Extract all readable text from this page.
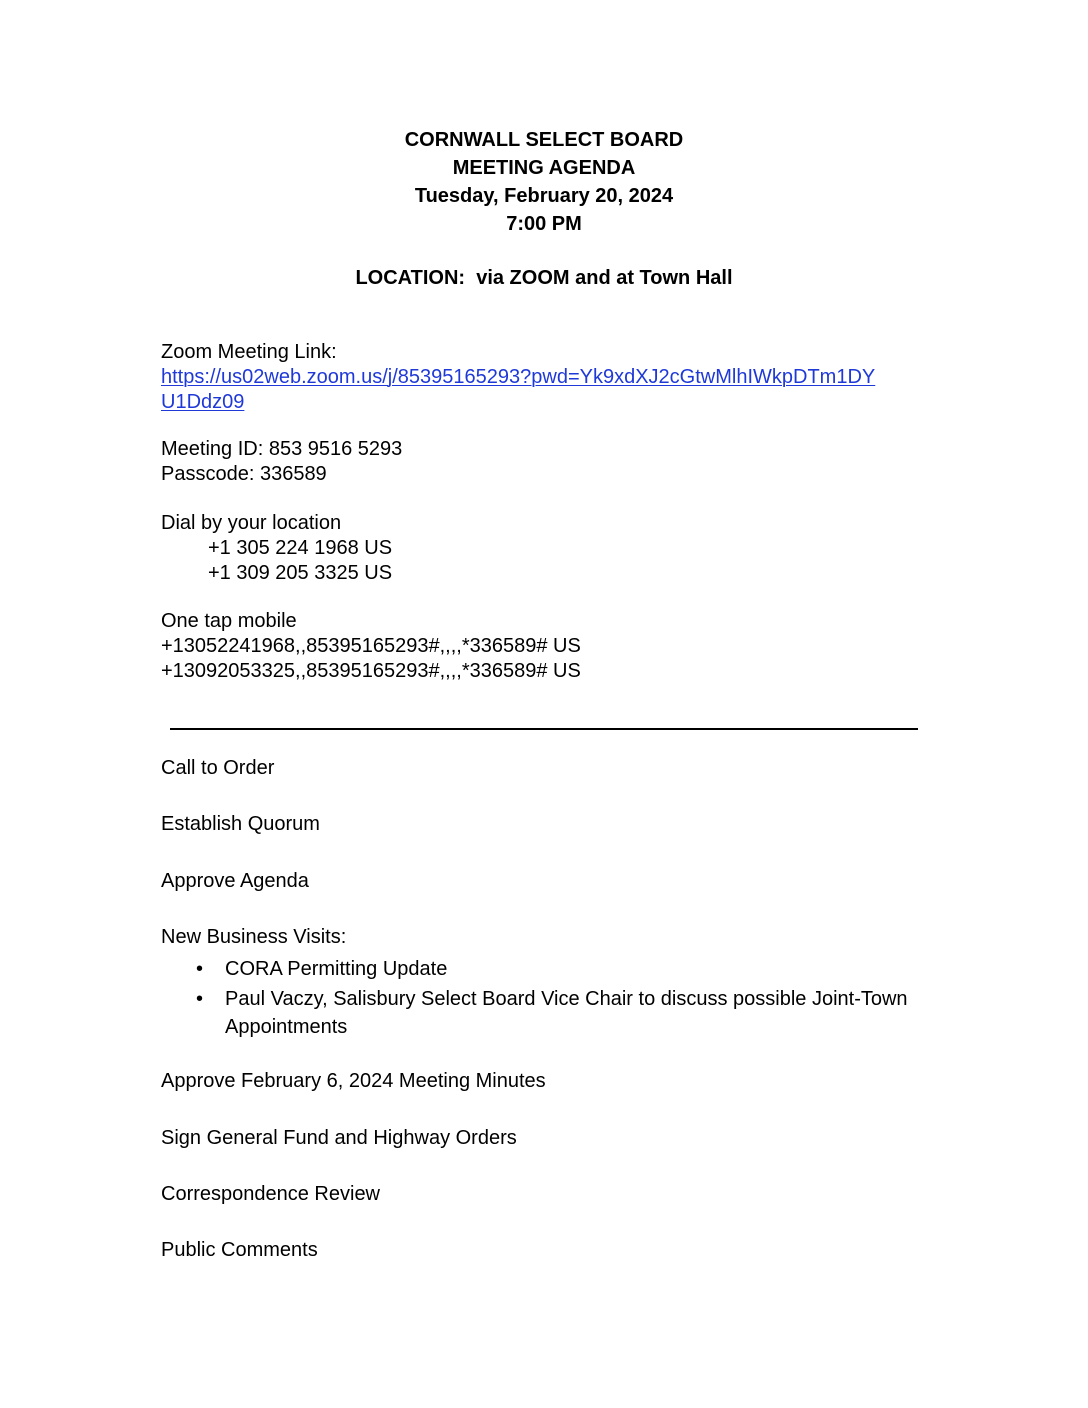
CORNWALL SELECT BOARD
MEETING AGENDA
Tuesday, February 20, 2024
7:00 PM
LOCATION:  via ZOOM and at Town Hall
Zoom Meeting Link:
https://us02web.zoom.us/j/85395165293?pwd=Yk9xdXJ2cGtwMlhIWkpDTm1DY
U1Ddz09
Meeting ID: 853 9516 5293
Passcode: 336589
Dial by your location
+1 305 224 1968 US
+1 309 205 3325 US
One tap mobile
+13052241968,,85395165293#,,,,*336589# US
+13092053325,,85395165293#,,,,*336589# US
Call to Order
Establish Quorum
Approve Agenda
New Business Visits:
• CORA Permitting Update
• Paul Vaczy, Salisbury Select Board Vice Chair to discuss possible Joint-Town Appointments
Approve February 6, 2024 Meeting Minutes
Sign General Fund and Highway Orders
Correspondence Review
Public Comments
